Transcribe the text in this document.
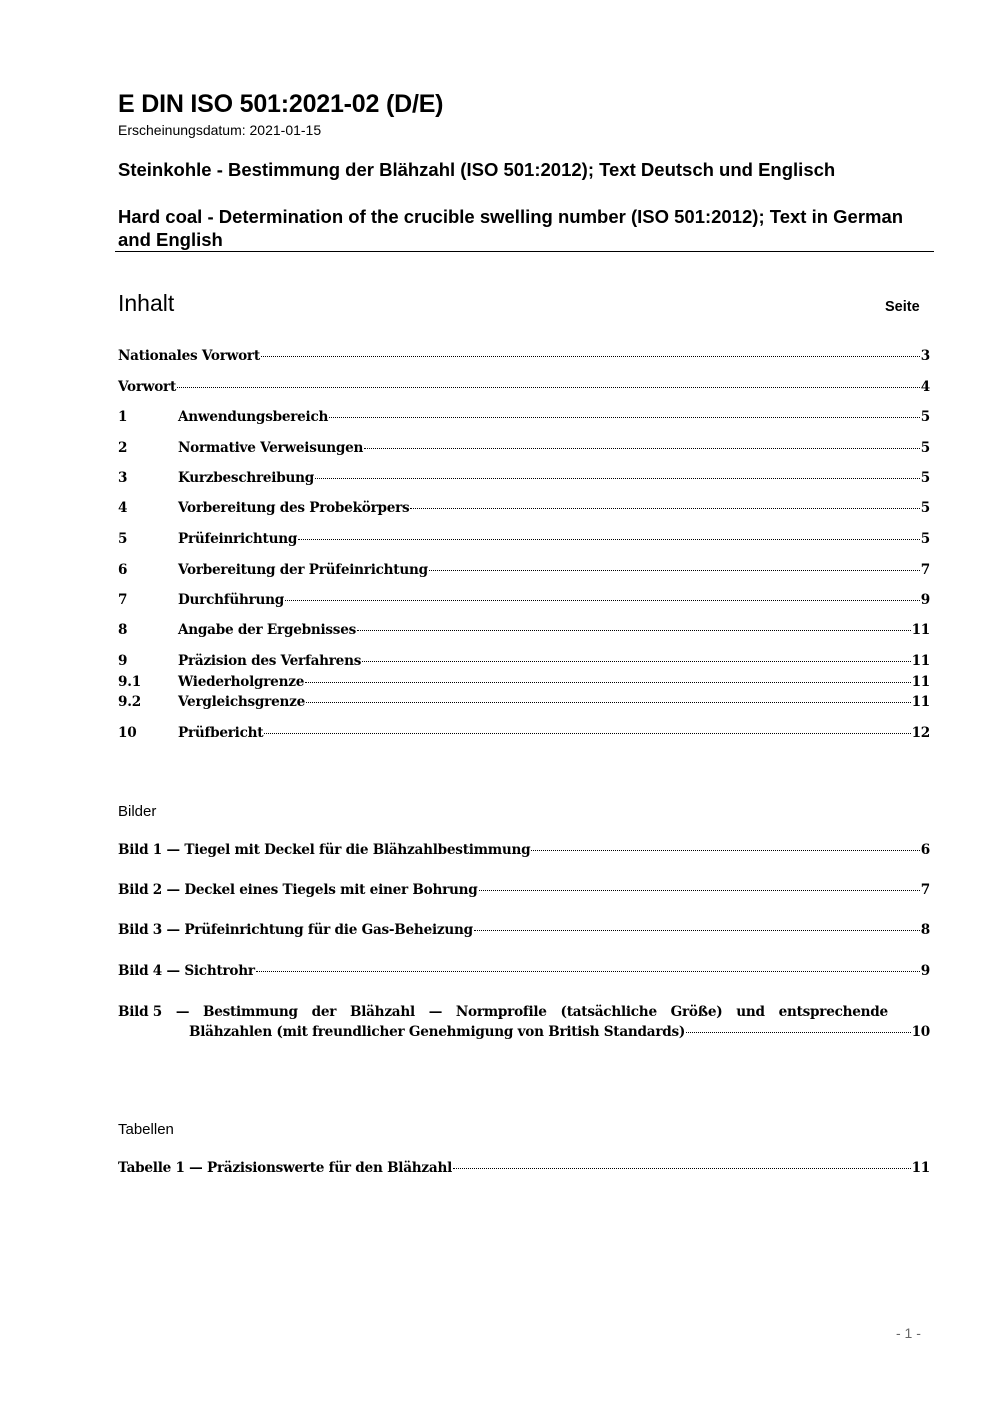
E DIN ISO 501:2021-02 (D/E)
Erscheinungsdatum: 2021-01-15
Steinkohle - Bestimmung der Blähzahl (ISO 501:2012); Text Deutsch und Englisch
Hard coal - Determination of the crucible swelling number (ISO 501:2012); Text in German and English
Inhalt	Seite
Nationales Vorwort	3
Vorwort	4
1	Anwendungsbereich	5
2	Normative Verweisungen	5
3	Kurzbeschreibung	5
4	Vorbereitung des Probekörpers	5
5	Prüfeinrichtung	5
6	Vorbereitung der Prüfeinrichtung	7
7	Durchführung	9
8	Angabe der Ergebnisses	11
9	Präzision des Verfahrens	11
9.1	Wiederholgrenze	11
9.2	Vergleichsgrenze	11
10	Prüfbericht	12
Bilder
Bild 1 — Tiegel mit Deckel für die Blähzahlbestimmung	6
Bild 2 — Deckel eines Tiegels mit einer Bohrung	7
Bild 3 — Prüfeinrichtung für die Gas-Beheizung	8
Bild 4 — Sichtrohr	9
Bild 5 — Bestimmung der Blähzahl — Normprofile (tatsächliche Größe) und entsprechende
Blähzahlen (mit freundlicher Genehmigung von British Standards)	10
Tabellen
Tabelle 1 — Präzisionswerte für den Blähzahl	11
- 1 -
